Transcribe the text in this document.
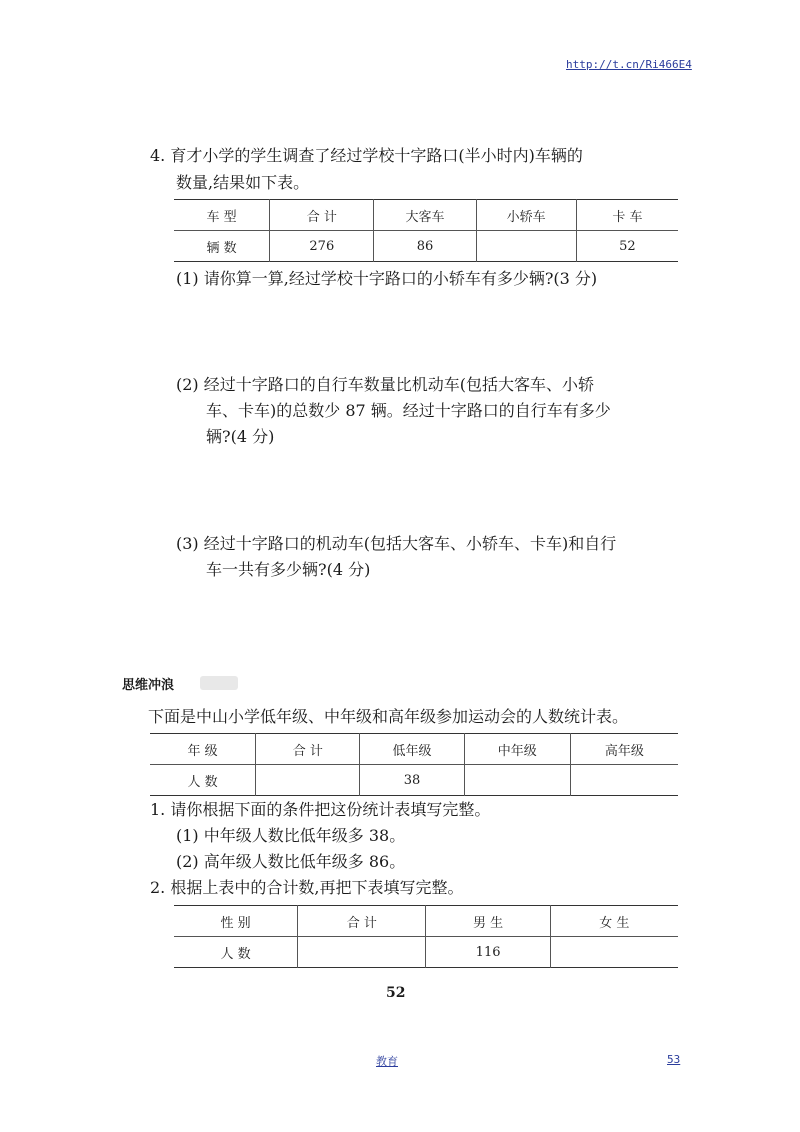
http://t.cn/Ri466E4
4. 育才小学的学生调查了经过学校十字路口(半小时内)车辆的
数量,结果如下表。
车 型	合 计	大客车	小轿车	卡 车
辆 数	276	86		52
(1) 请你算一算,经过学校十字路口的小轿车有多少辆?(3 分)
(2) 经过十字路口的自行车数量比机动车(包括大客车、小轿
车、卡车)的总数少 87 辆。经过十字路口的自行车有多少
辆?(4 分)
(3) 经过十字路口的机动车(包括大客车、小轿车、卡车)和自行
车一共有多少辆?(4 分)
思维冲浪
下面是中山小学低年级、中年级和高年级参加运动会的人数统计表。
年 级	合 计	低年级	中年级	高年级
人 数		38		
1. 请你根据下面的条件把这份统计表填写完整。
(1) 中年级人数比低年级多 38。
(2) 高年级人数比低年级多 86。
2. 根据上表中的合计数,再把下表填写完整。
性 别	合 计	男 生	女 生
人 数		116	
52
教育	53
